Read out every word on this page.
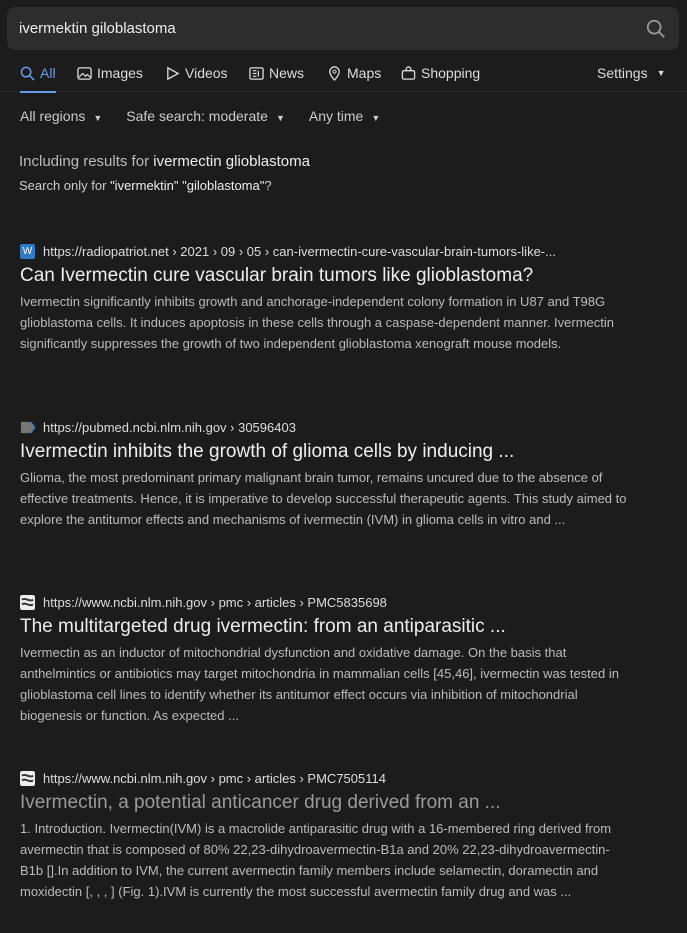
ivermektin giloblastoma
All	Images	Videos	News	Maps	Shopping	Settings ▼
All regions ▼ Safe search: moderate ▼ Any time ▼
Including results for ivermectin glioblastoma
Search only for "ivermektin" "giloblastoma"?
W https://radiopatriot.net › 2021 › 09 › 05 › can-ivermectin-cure-vascular-brain-tumors-like-...
Can Ivermectin cure vascular brain tumors like glioblastoma?
Ivermectin significantly inhibits growth and anchorage-independent colony formation in U87 and T98G glioblastoma cells. It induces apoptosis in these cells through a caspase-dependent manner. Ivermectin significantly suppresses the growth of two independent glioblastoma xenograft mouse models.
https://pubmed.ncbi.nlm.nih.gov › 30596403
Ivermectin inhibits the growth of glioma cells by inducing ...
Glioma, the most predominant primary malignant brain tumor, remains uncured due to the absence of effective treatments. Hence, it is imperative to develop successful therapeutic agents. This study aimed to explore the antitumor effects and mechanisms of ivermectin (IVM) in glioma cells in vitro and ...
https://www.ncbi.nlm.nih.gov › pmc › articles › PMC5835698
The multitargeted drug ivermectin: from an antiparasitic ...
Ivermectin as an inductor of mitochondrial dysfunction and oxidative damage. On the basis that anthelmintics or antibiotics may target mitochondria in mammalian cells [45,46], ivermectin was tested in glioblastoma cell lines to identify whether its antitumor effect occurs via inhibition of mitochondrial biogenesis or function. As expected ...
https://www.ncbi.nlm.nih.gov › pmc › articles › PMC7505114
Ivermectin, a potential anticancer drug derived from an ...
1. Introduction. Ivermectin(IVM) is a macrolide antiparasitic drug with a 16-membered ring derived from avermectin that is composed of 80% 22,23-dihydroavermectin-B1a and 20% 22,23-dihydroavermectin-B1b [].In addition to IVM, the current avermectin family members include selamectin, doramectin and moxidectin [, , , ] (Fig. 1).IVM is currently the most successful avermectin family drug and was ...
